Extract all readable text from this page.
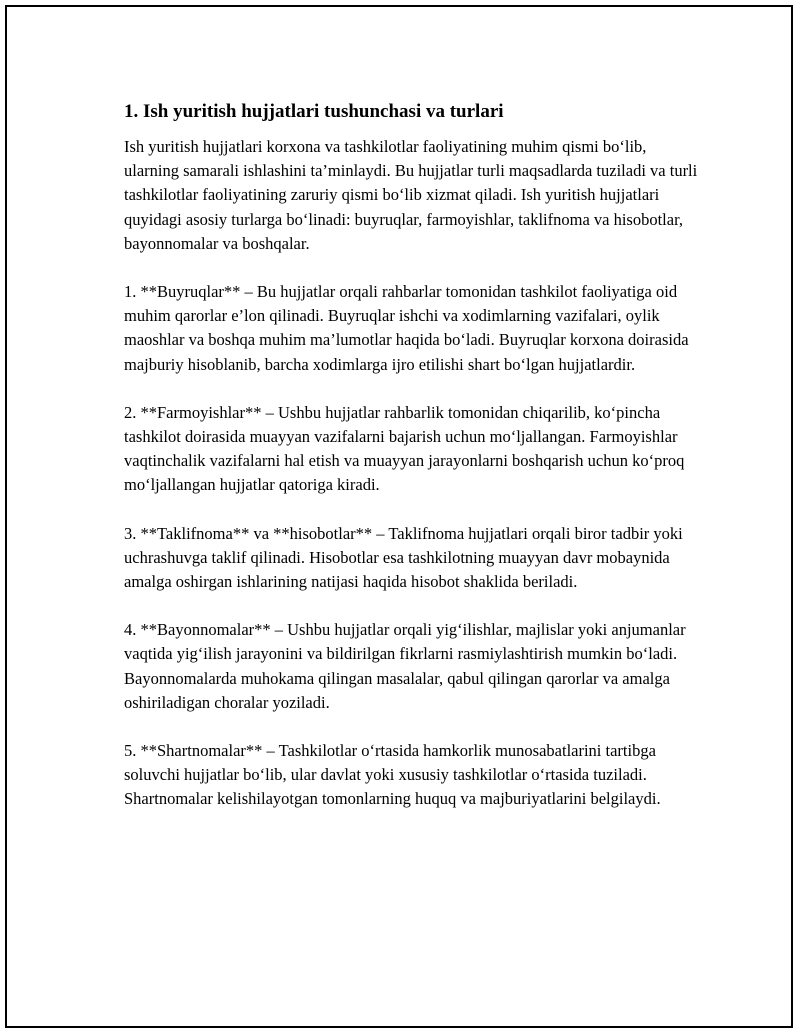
1. Ish yuritish hujjatlari tushunchasi va turlari

Ish yuritish hujjatlari korxona va tashkilotlar faoliyatining muhim qismi bo‘lib, ularning samarali ishlashini ta’minlaydi. Bu hujjatlar turli maqsadlarda tuziladi va turli tashkilotlar faoliyatining zaruriy qismi bo‘lib xizmat qiladi. Ish yuritish hujjatlari quyidagi asosiy turlarga bo‘linadi: buyruqlar, farmoyishlar, taklifnoma va hisobotlar, bayonnomalar va boshqalar.

1. **Buyruqlar** – Bu hujjatlar orqali rahbarlar tomonidan tashkilot faoliyatiga oid muhim qarorlar e’lon qilinadi. Buyruqlar ishchi va xodimlarning vazifalari, oylik maoshlar va boshqa muhim ma’lumotlar haqida bo‘ladi. Buyruqlar korxona doirasida majburiy hisoblanib, barcha xodimlarga ijro etilishi shart bo‘lgan hujjatlardir.

2. **Farmoyishlar** – Ushbu hujjatlar rahbarlik tomonidan chiqarilib, ko‘pincha tashkilot doirasida muayyan vazifalarni bajarish uchun mo‘ljallangan. Farmoyishlar vaqtinchalik vazifalarni hal etish va muayyan jarayonlarni boshqarish uchun ko‘proq mo‘ljallangan hujjatlar qatoriga kiradi.

3. **Taklifnoma** va **hisobotlar** – Taklifnoma hujjatlari orqali biror tadbir yoki uchrashuvga taklif qilinadi. Hisobotlar esa tashkilotning muayyan davr mobaynida amalga oshirgan ishlarining natijasi haqida hisobot shaklida beriladi.

4. **Bayonnomalar** – Ushbu hujjatlar orqali yig‘ilishlar, majlislar yoki anjumanlar vaqtida yig‘ilish jarayonini va bildirilgan fikrlarni rasmiylashtirish mumkin bo‘ladi. Bayonnomalarda muhokama qilingan masalalar, qabul qilingan qarorlar va amalga oshiriladigan choralar yoziladi.

5. **Shartnomalar** – Tashkilotlar o‘rtasida hamkorlik munosabatlarini tartibga soluvchi hujjatlar bo‘lib, ular davlat yoki xususiy tashkilotlar o‘rtasida tuziladi. Shartnomalar kelishilayotgan tomonlarning huquq va majburiyatlarini belgilaydi.
